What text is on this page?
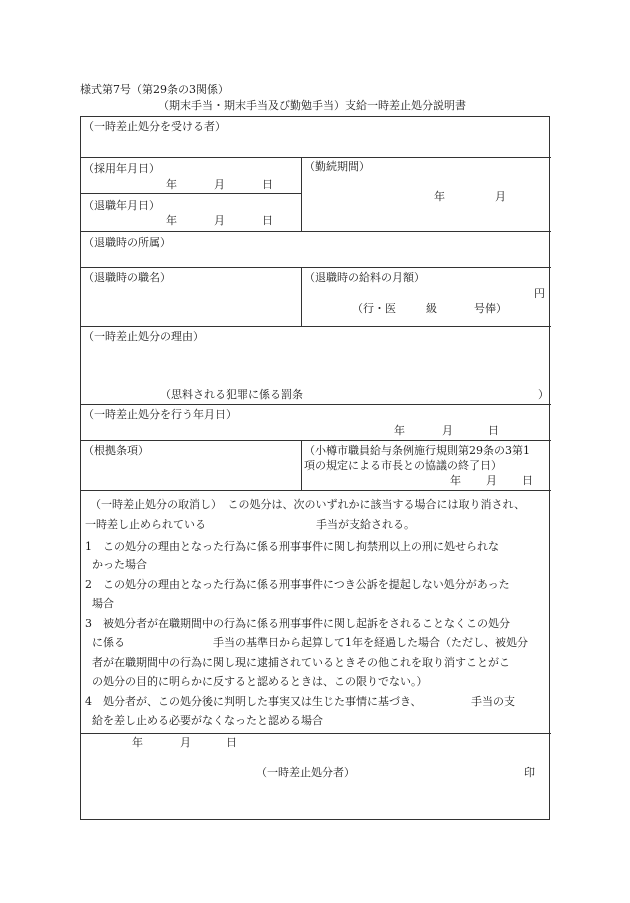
様式第7号（第29条の3関係）
（期末手当・期末手当及び勤勉手当）支給一時差止処分説明書
（一時差止処分を受ける者）
（採用年月日）
年	月	日
（退職年月日）
年	月	日
（勤続期間）
年	月
（退職時の所属）
（退職時の職名）	（退職時の給料の月額）
円
（行・医	級	号俸）
（一時差止処分の理由）
（思料される犯罪に係る罰条	）
（一時差止処分を行う年月日）
年	月	日
（根拠条項）	（小樽市職員給与条例施行規則第29条の3第1
項の規定による市長との協議の終了日）
年 月 日
（一時差止処分の取消し）　この処分は、次のいずれかに該当する場合には取り消され、
一時差し止められている　　　　　　　　　　手当が支給される。
1　この処分の理由となった行為に係る刑事事件に関し拘禁刑以上の刑に処せられな
かった場合
2　この処分の理由となった行為に係る刑事事件につき公訴を提起しない処分があった
場合
3　被処分者が在職期間中の行為に係る刑事事件に関し起訴をされることなくこの処分
に係る　　　　　　　　手当の基準日から起算して1年を経過した場合（ただし、被処分
者が在職期間中の行為に関し現に逮捕されているときその他これを取り消すことがこ
の処分の目的に明らかに反すると認めるときは、この限りでない。）
4　処分者が、この処分後に判明した事実又は生じた事情に基づき、　　　　　手当の支
給を差し止める必要がなくなったと認める場合
年	月	日
（一時差止処分者）	印
